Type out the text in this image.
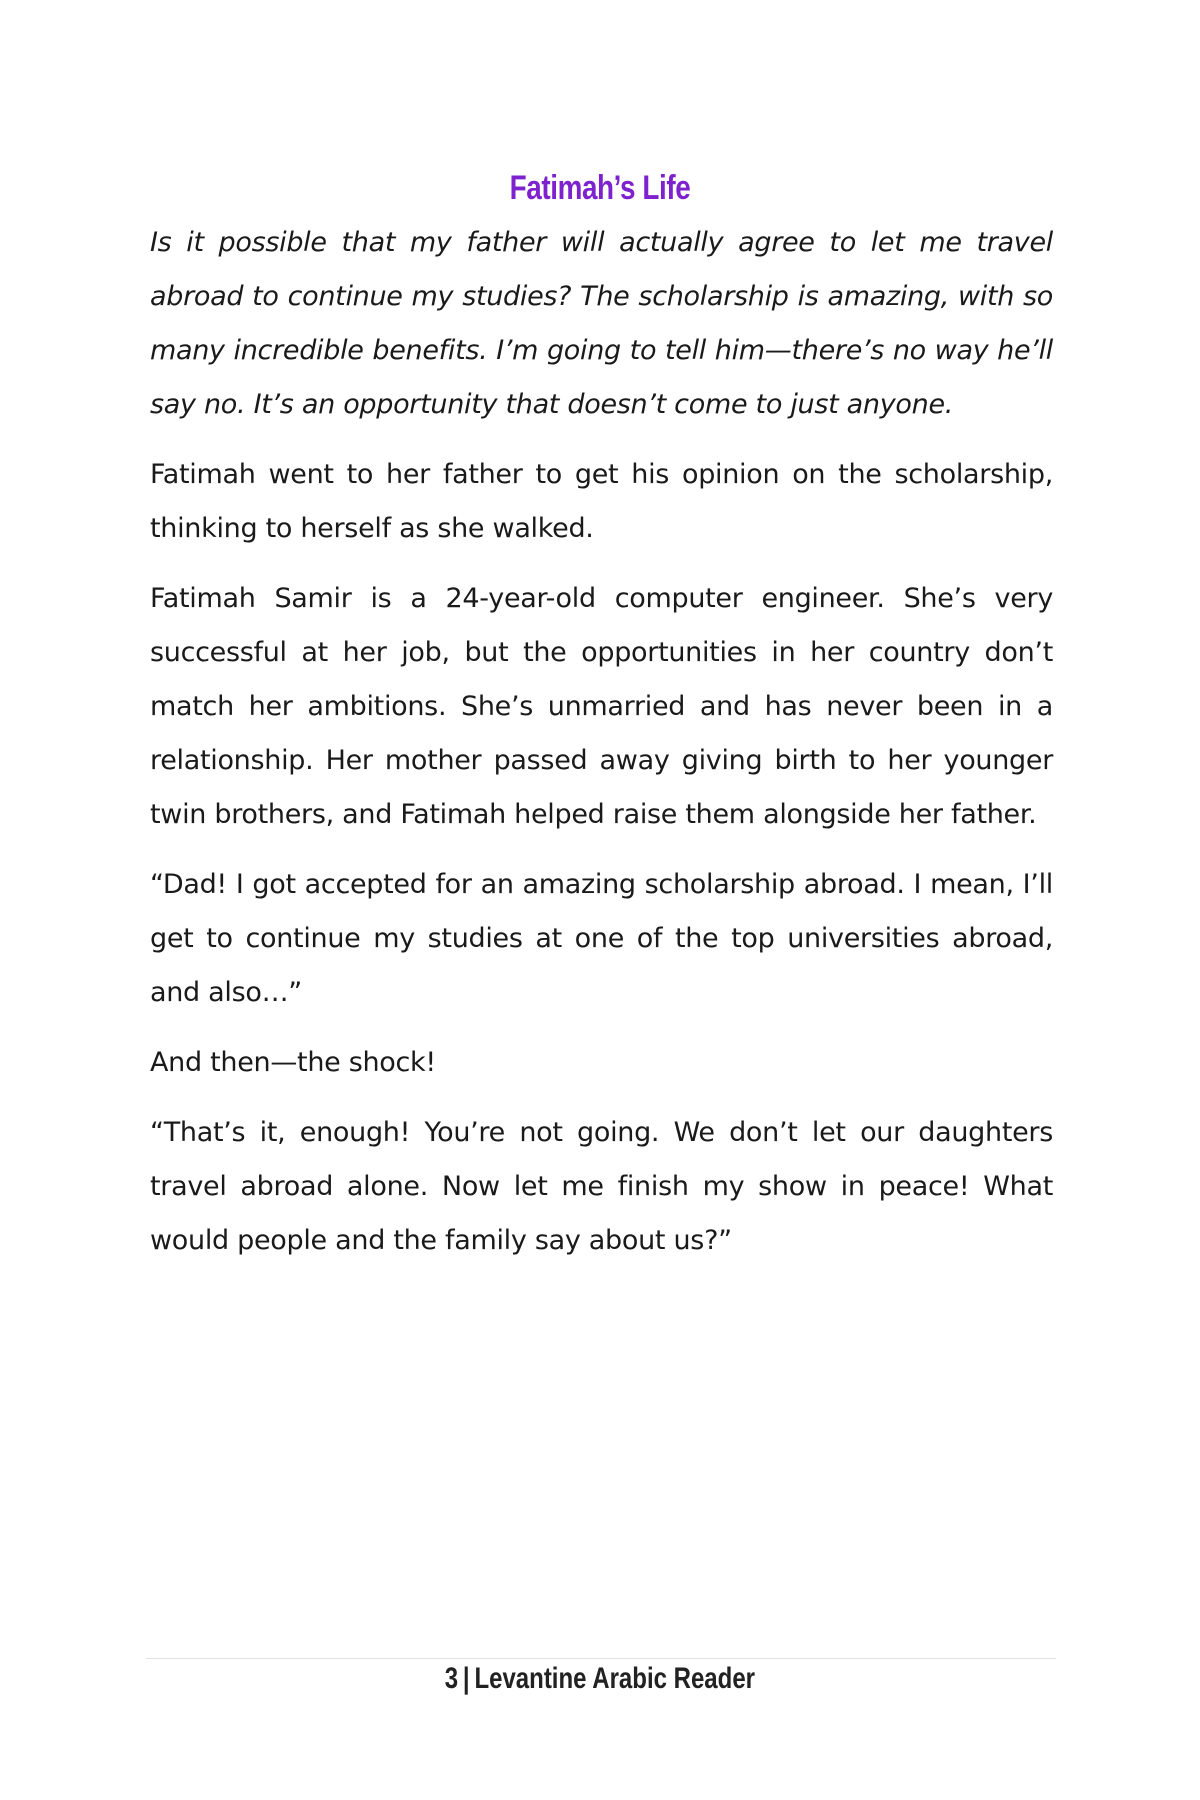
Fatimah’s Life

Is it possible that my father will actually agree to let me travel abroad to continue my studies? The scholarship is amazing, with so many incredible benefits. I’m going to tell him—there’s no way he’ll say no. It’s an opportunity that doesn’t come to just anyone.

Fatimah went to her father to get his opinion on the scholarship, thinking to herself as she walked.

Fatimah Samir is a 24-year-old computer engineer. She’s very successful at her job, but the opportunities in her country don’t match her ambitions. She’s unmarried and has never been in a relationship. Her mother passed away giving birth to her younger twin brothers, and Fatimah helped raise them alongside her father.

“Dad! I got accepted for an amazing scholarship abroad. I mean, I’ll get to continue my studies at one of the top universities abroad, and also…”

And then—the shock!

“That’s it, enough! You’re not going. We don’t let our daughters travel abroad alone. Now let me finish my show in peace! What would people and the family say about us?”

3 | Levantine Arabic Reader
